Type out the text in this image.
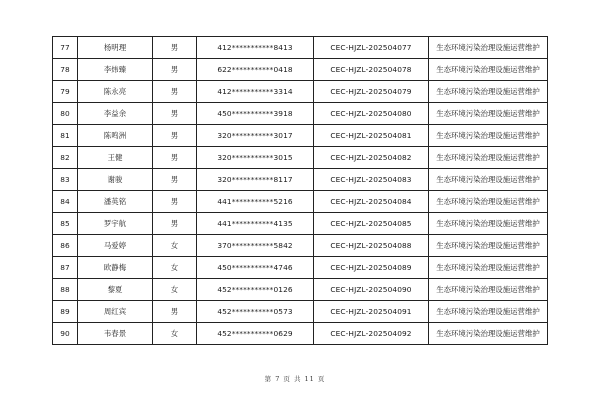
77	杨明理	男	412***********8413	CEC-HJZL-202504077	生态环境污染治理设施运营维护
78	李炜臻	男	622***********0418	CEC-HJZL-202504078	生态环境污染治理设施运营维护
79	陈永亮	男	412***********3314	CEC-HJZL-202504079	生态环境污染治理设施运营维护
80	李益余	男	450***********3918	CEC-HJZL-202504080	生态环境污染治理设施运营维护
81	陈鸣洲	男	320***********3017	CEC-HJZL-202504081	生态环境污染治理设施运营维护
82	王健	男	320***********3015	CEC-HJZL-202504082	生态环境污染治理设施运营维护
83	谢骏	男	320***********8117	CEC-HJZL-202504083	生态环境污染治理设施运营维护
84	潘英铭	男	441***********5216	CEC-HJZL-202504084	生态环境污染治理设施运营维护
85	罗宇航	男	441***********4135	CEC-HJZL-202504085	生态环境污染治理设施运营维护
86	马爱婷	女	370***********5842	CEC-HJZL-202504088	生态环境污染治理设施运营维护
87	欧静梅	女	450***********4746	CEC-HJZL-202504089	生态环境污染治理设施运营维护
88	黎夏	女	452***********0126	CEC-HJZL-202504090	生态环境污染治理设施运营维护
89	周红宾	男	452***********0573	CEC-HJZL-202504091	生态环境污染治理设施运营维护
90	韦春景	女	452***********0629	CEC-HJZL-202504092	生态环境污染治理设施运营维护
第 7 页 共 11 页
